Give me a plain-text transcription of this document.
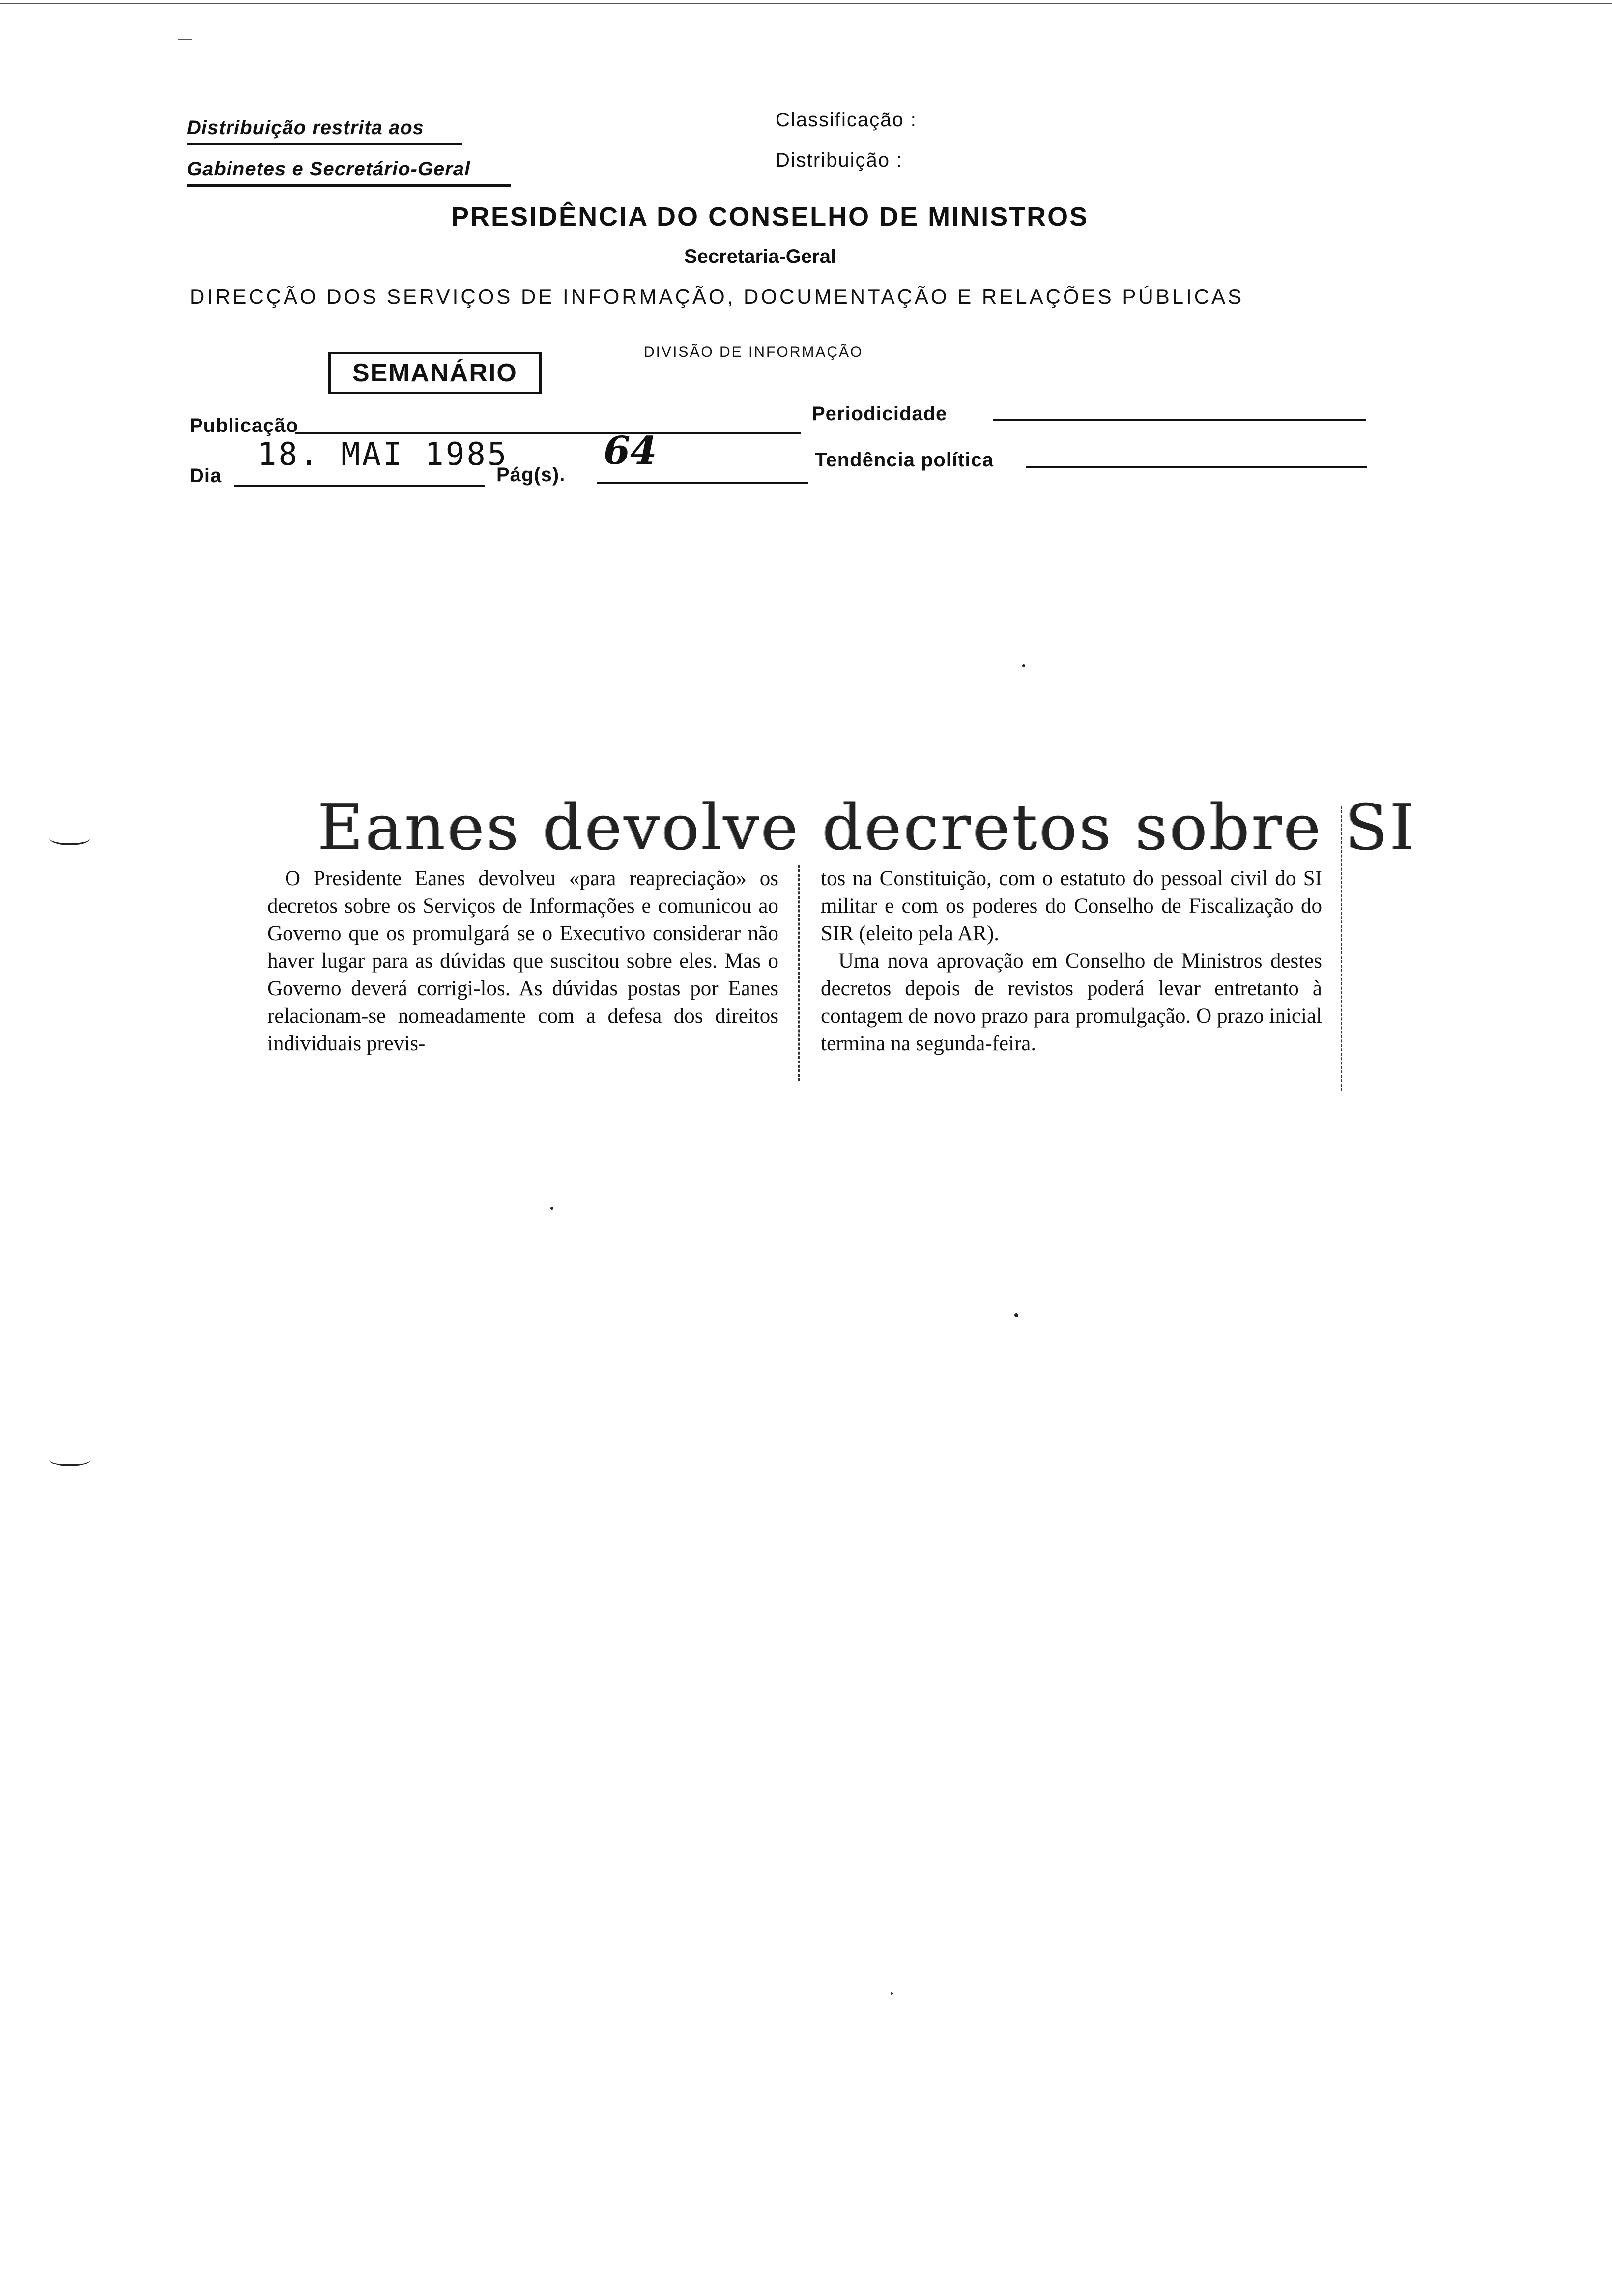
Distribuição restrita aos
Gabinetes e Secretário-Geral
Classificação :
Distribuição :
PRESIDÊNCIA DO CONSELHO DE MINISTROS
Secretaria-Geral
DIRECÇÃO DOS SERVIÇOS DE INFORMAÇÃO, DOCUMENTAÇÃO E RELAÇÕES PÚBLICAS
DIVISÃO DE INFORMAÇÃO
SEMANÁRIO
Publicação
Periodicidade
Dia
18. MAI 1985
Pág(s).
64	Tendência política
Eanes devolve decretos sobre SI

O Presidente Eanes devolveu «para reapreciação» os decretos sobre os Serviços de Informações e comunicou ao Governo que os promulgará se o Executivo considerar não haver lugar para as dúvidas que suscitou sobre eles. Mas o Governo deverá corrigi-los. As dúvidas postas por Eanes relacionam-se nomeadamente com a defesa dos direitos individuais previs-

tos na Constituição, com o estatuto do pessoal civil do SI militar e com os poderes do Conselho de Fiscalização do SIR (eleito pela AR).

Uma nova aprovação em Conselho de Ministros destes decretos depois de revistos poderá levar entretanto à contagem de novo prazo para promulgação. O prazo inicial termina na segunda-feira.
